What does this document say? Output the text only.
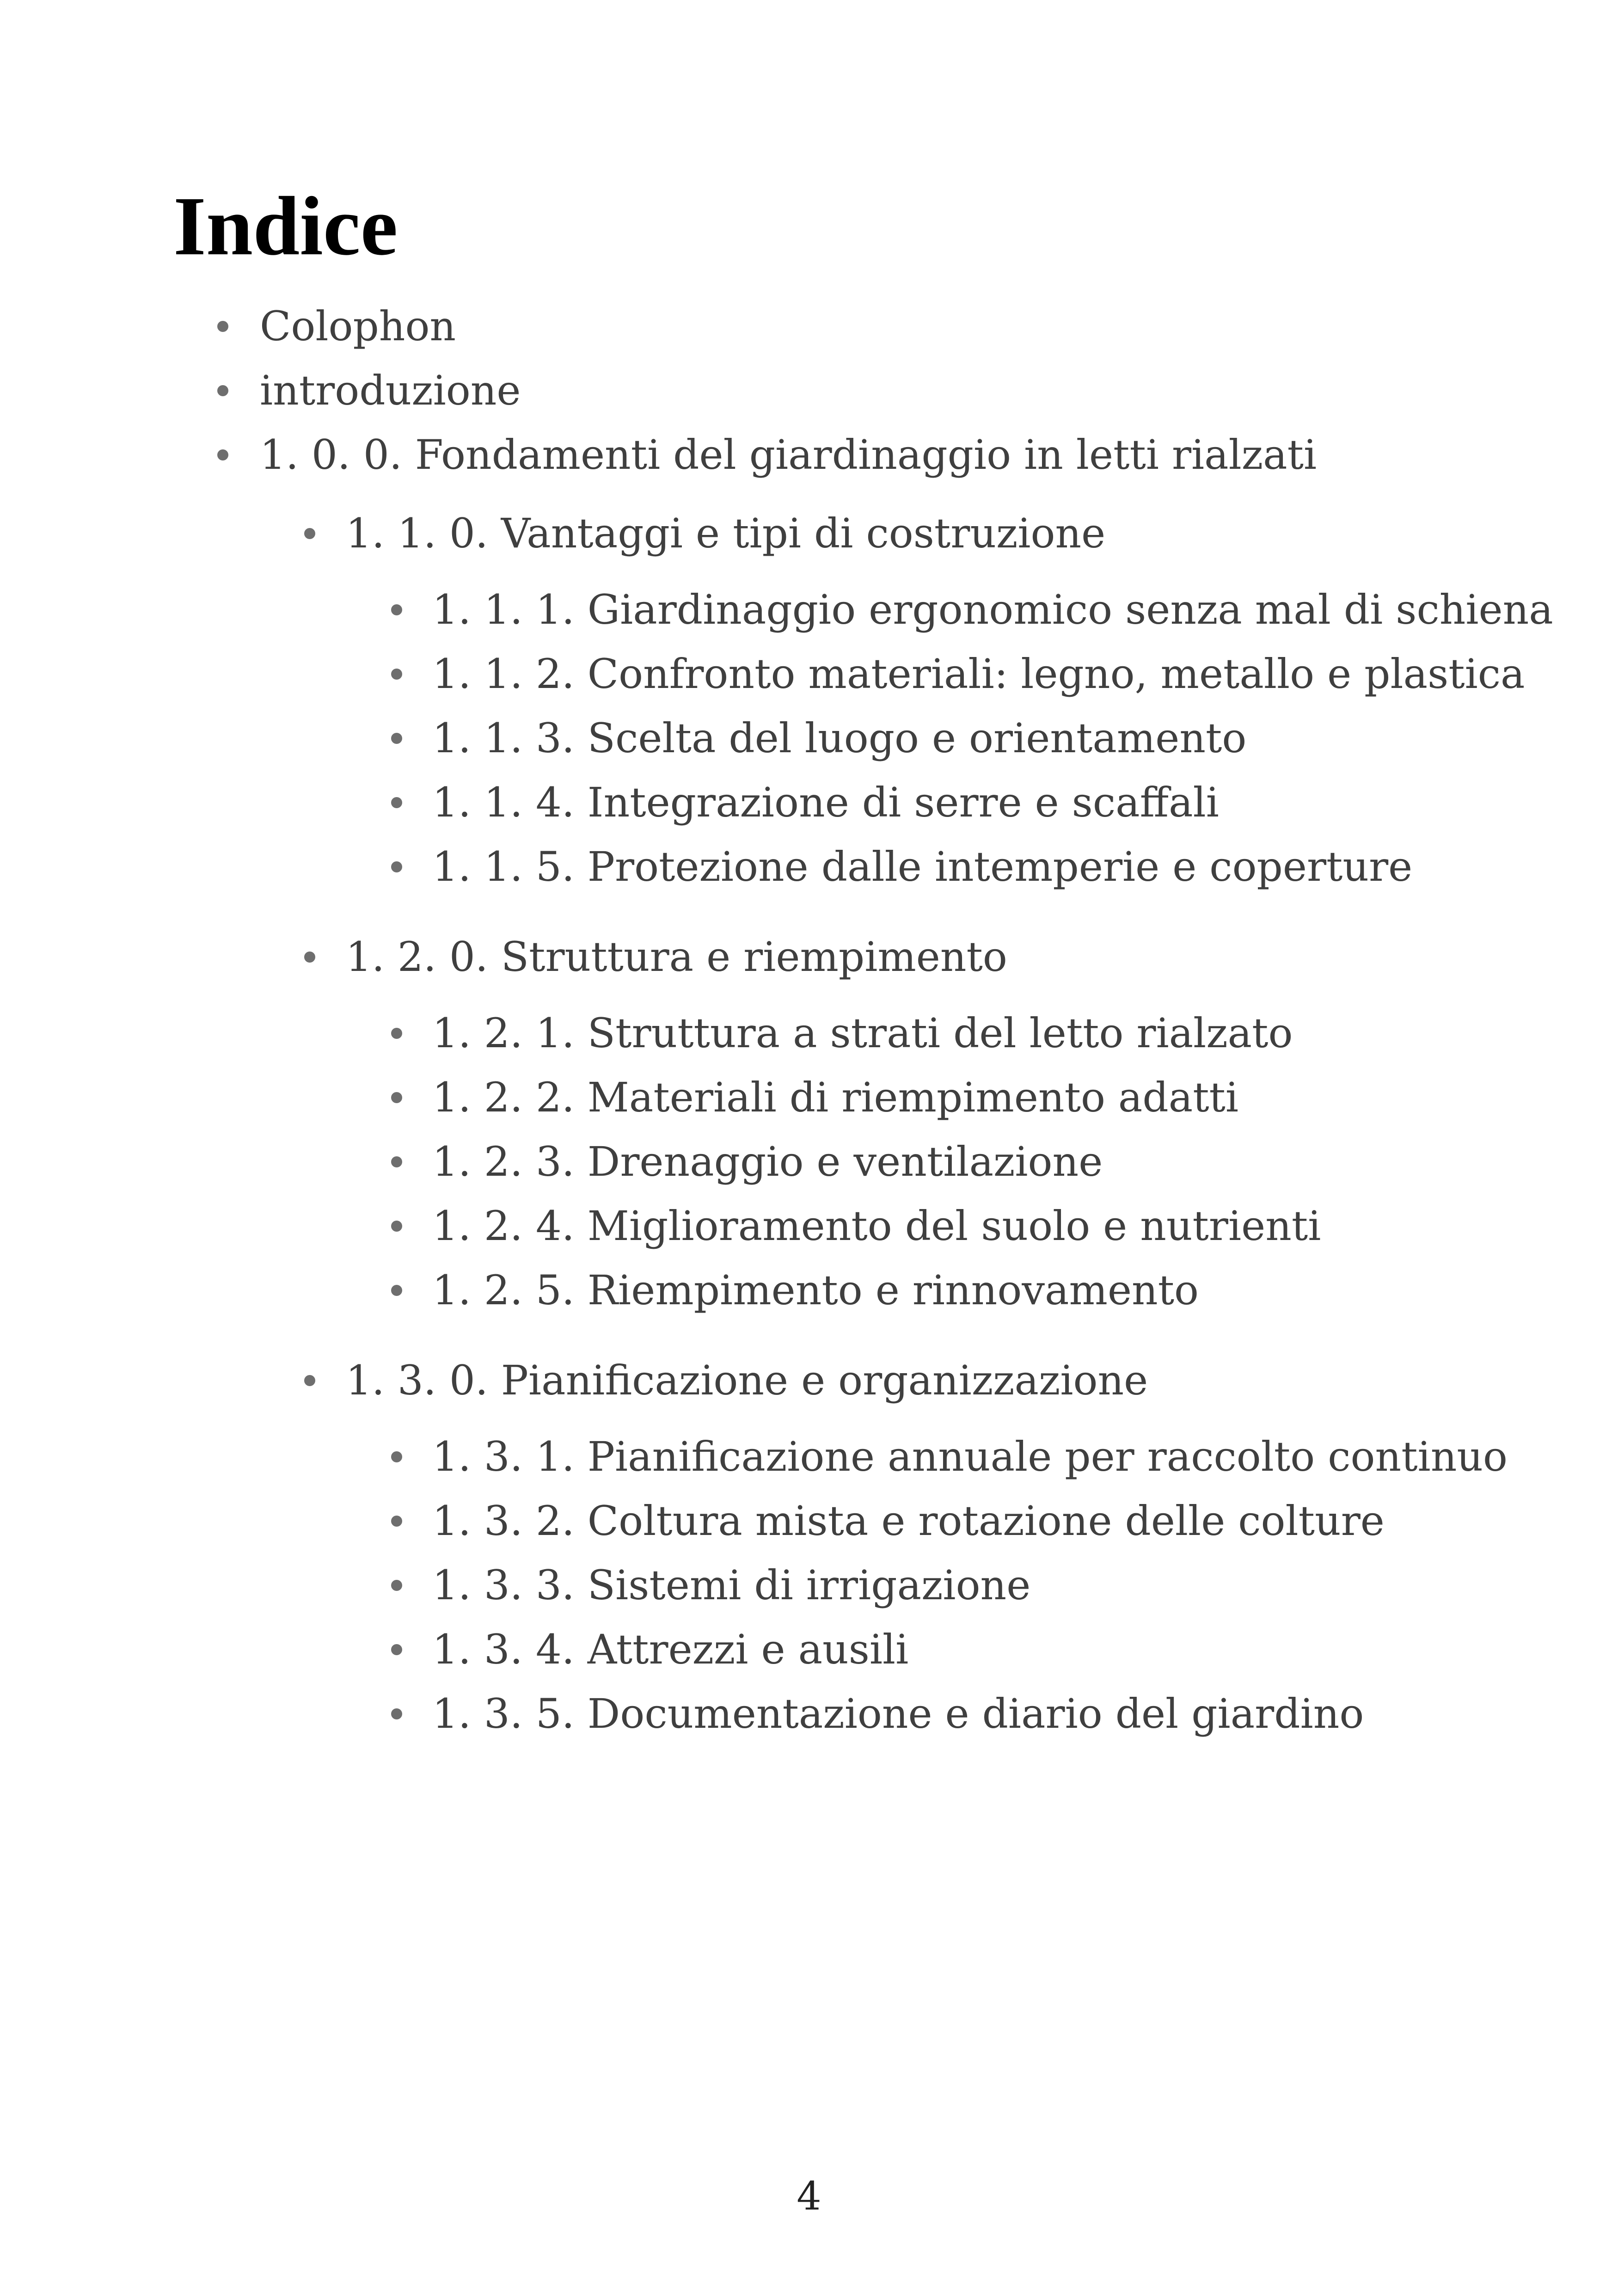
Indice
Colophon
introduzione
1. 0. 0. Fondamenti del giardinaggio in letti rialzati
1. 1. 0. Vantaggi e tipi di costruzione
1. 1. 1. Giardinaggio ergonomico senza mal di schiena
1. 1. 2. Confronto materiali: legno, metallo e plastica
1. 1. 3. Scelta del luogo e orientamento
1. 1. 4. Integrazione di serre e scaffali
1. 1. 5. Protezione dalle intemperie e coperture
1. 2. 0. Struttura e riempimento
1. 2. 1. Struttura a strati del letto rialzato
1. 2. 2. Materiali di riempimento adatti
1. 2. 3. Drenaggio e ventilazione
1. 2. 4. Miglioramento del suolo e nutrienti
1. 2. 5. Riempimento e rinnovamento
1. 3. 0. Pianificazione e organizzazione
1. 3. 1. Pianificazione annuale per raccolto continuo
1. 3. 2. Coltura mista e rotazione delle colture
1. 3. 3. Sistemi di irrigazione
1. 3. 4. Attrezzi e ausili
1. 3. 5. Documentazione e diario del giardino
4
